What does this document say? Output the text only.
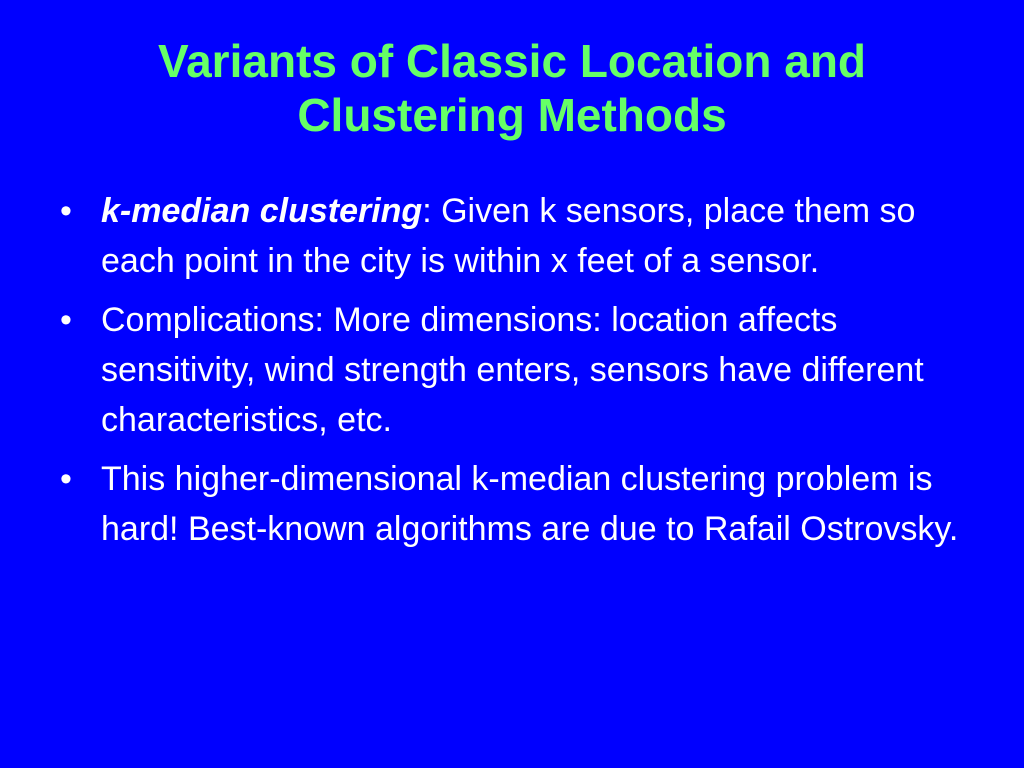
Variants of Classic Location and
Clustering Methods
• k-median clustering: Given k sensors, place them so each point in the city is within x feet of a sensor.
• Complications: More dimensions: location affects sensitivity, wind strength enters, sensors have different characteristics, etc.
• This higher-dimensional k-median clustering problem is hard! Best-known algorithms are due to Rafail Ostrovsky.
